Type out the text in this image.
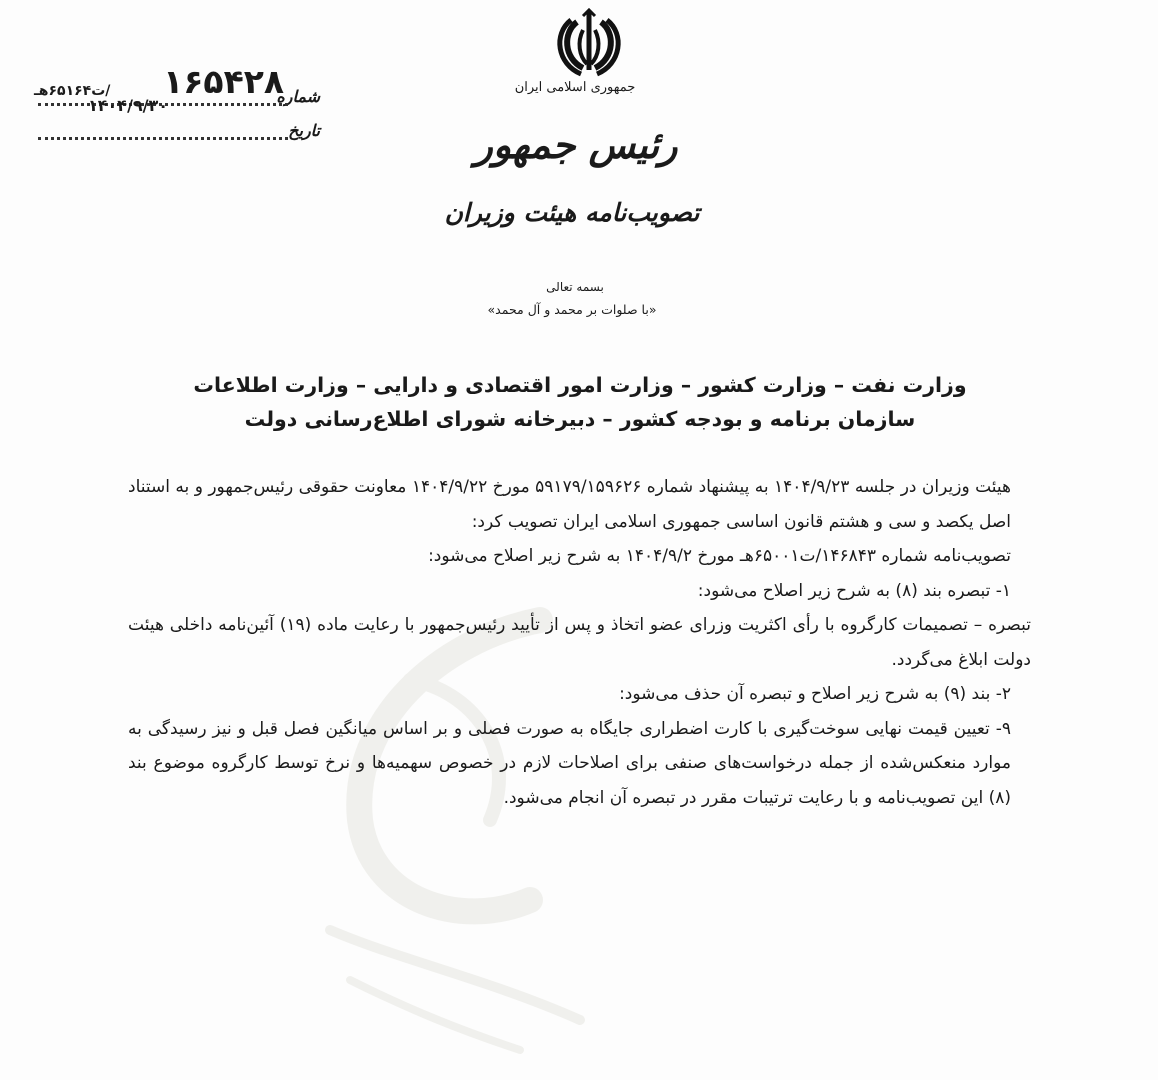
شماره
۱۶۵۴۲۸
/ت۶۵۱۶۴هـ
تاریخ
۱۴۰۴/۹/۳۰
جمهوری اسلامی ایران
رئیس جمهور
تصویب‌نامه هیئت وزیران
بسمه تعالی
«با صلوات بر محمد و آل محمد»
وزارت نفت – وزارت کشور – وزارت امور اقتصادی و دارایی – وزارت اطلاعات
سازمان برنامه و بودجه کشور – دبیرخانه شورای اطلاع‌رسانی دولت

هیئت وزیران در جلسه ۱۴۰۴/۹/۲۳ به پیشنهاد شماره ۵۹۱۷۹/۱۵۹۶۲۶ مورخ ۱۴۰۴/۹/۲۲ معاونت حقوقی رئیس‌جمهور و به استناد اصل یکصد و سی و هشتم قانون اساسی جمهوری اسلامی ایران تصویب کرد:

تصویب‌نامه شماره ۱۴۶۸۴۳/ت۶۵۰۰۱هـ مورخ ۱۴۰۴/۹/۲ به شرح زیر اصلاح می‌شود:

۱- تبصره بند (۸) به شرح زیر اصلاح می‌شود:

تبصره – تصمیمات کارگروه با رأی اکثریت وزرای عضو اتخاذ و پس از تأیید رئیس‌جمهور با رعایت ماده (۱۹) آئین‌نامه داخلی هیئت دولت ابلاغ می‌گردد.

۲- بند (۹) به شرح زیر اصلاح و تبصره آن حذف می‌شود:

۹- تعیین قیمت نهایی سوخت‌گیری با کارت اضطراری جایگاه به صورت فصلی و بر اساس میانگین فصل قبل و نیز رسیدگی به موارد منعکس‌شده از جمله درخواست‌های صنفی برای اصلاحات لازم در خصوص سهمیه‌ها و نرخ توسط کارگروه موضوع بند (۸) این تصویب‌نامه و با رعایت ترتیبات مقرر در تبصره آن انجام می‌شود.
